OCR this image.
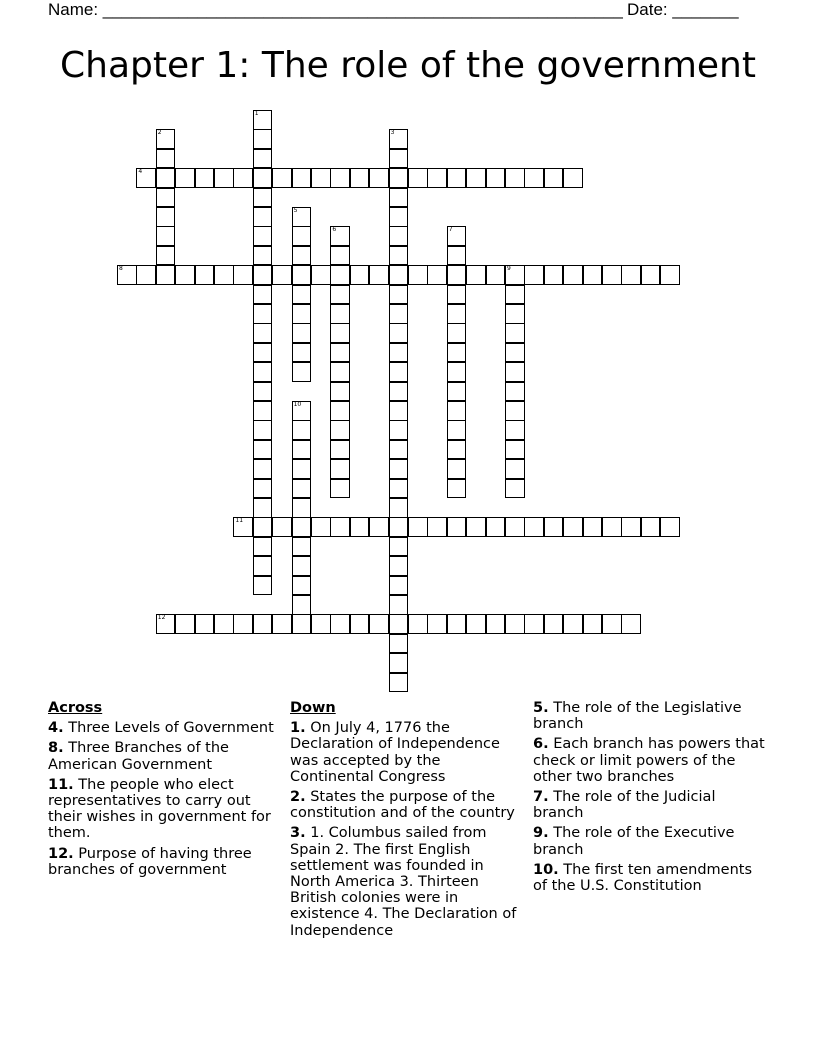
Name: _______________________________________________________ Date: _______
Chapter 1: The role of the government
1
2	3
4
5
6	7
8	9
10
11
12
Across
4. Three Levels of Government
8. Three Branches of the American Government
11. The people who elect representatives to carry out their wishes in government for them.
12. Purpose of having three branches of government
Down
1. On July 4, 1776 the Declaration of Independence was accepted by the Continental Congress
2. States the purpose of the constitution and of the country
3. 1. Columbus sailed from Spain 2. The first English settlement was founded in North America 3. Thirteen British colonies were in existence 4. The Declaration of Independence
5. The role of the Legislative branch
6. Each branch has powers that check or limit powers of the other two branches
7. The role of the Judicial branch
9. The role of the Executive branch
10. The first ten amendments of the U.S. Constitution
